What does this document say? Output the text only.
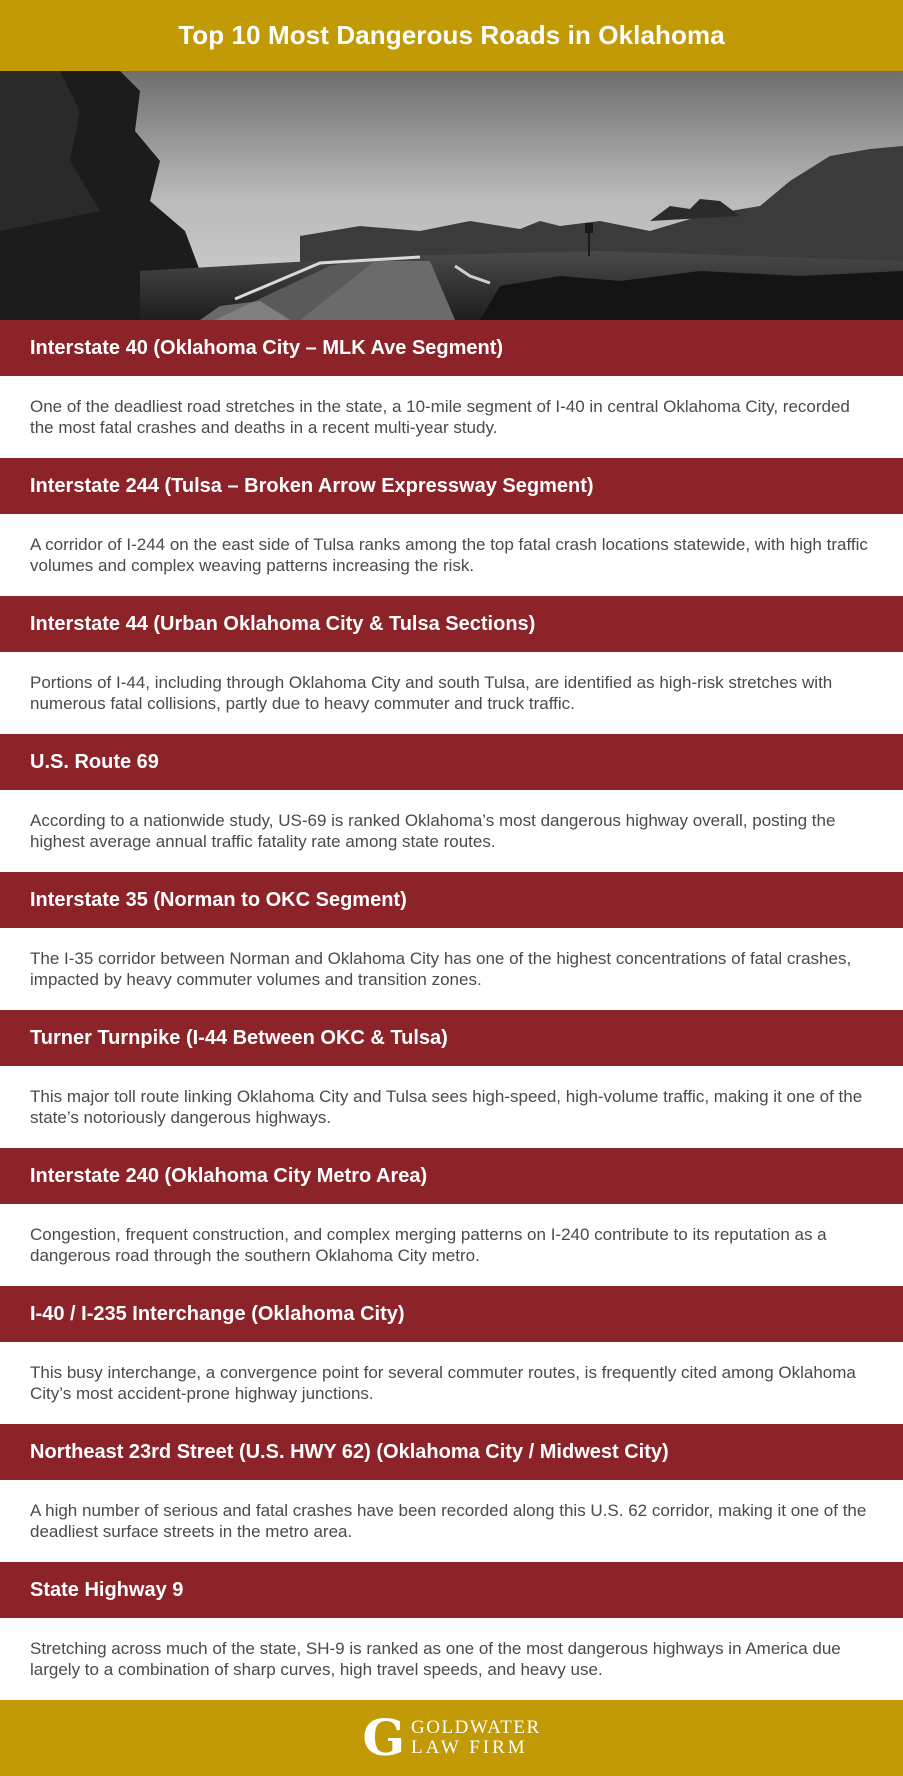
Top 10 Most Dangerous Roads in Oklahoma
Interstate 40 (Oklahoma City – MLK Ave Segment)
One of the deadliest road stretches in the state, a 10-mile segment of I-40 in central Oklahoma City, recorded the most fatal crashes and deaths in a recent multi-year study.
Interstate 244 (Tulsa – Broken Arrow Expressway Segment)
A corridor of I-244 on the east side of Tulsa ranks among the top fatal crash locations statewide, with high traffic volumes and complex weaving patterns increasing the risk.
Interstate 44 (Urban Oklahoma City & Tulsa Sections)
Portions of I-44, including through Oklahoma City and south Tulsa, are identified as high-risk stretches with numerous fatal collisions, partly due to heavy commuter and truck traffic.
U.S. Route 69
According to a nationwide study, US-69 is ranked Oklahoma’s most dangerous highway overall, posting the highest average annual traffic fatality rate among state routes.
Interstate 35 (Norman to OKC Segment)
The I-35 corridor between Norman and Oklahoma City has one of the highest concentrations of fatal crashes, impacted by heavy commuter volumes and transition zones.
Turner Turnpike (I-44 Between OKC & Tulsa)
This major toll route linking Oklahoma City and Tulsa sees high-speed, high-volume traffic, making it one of the state’s notoriously dangerous highways.
Interstate 240 (Oklahoma City Metro Area)
Congestion, frequent construction, and complex merging patterns on I-240 contribute to its reputation as a dangerous road through the southern Oklahoma City metro.
I-40 / I-235 Interchange (Oklahoma City)
This busy interchange, a convergence point for several commuter routes, is frequently cited among Oklahoma City’s most accident-prone highway junctions.
Northeast 23rd Street (U.S. HWY 62) (Oklahoma City / Midwest City)
A high number of serious and fatal crashes have been recorded along this U.S. 62 corridor, making it one of the deadliest surface streets in the metro area.
State Highway 9
Stretching across much of the state, SH-9 is ranked as one of the most dangerous highways in America due largely to a combination of sharp curves, high travel speeds, and heavy use.
G GOLDWATER
LAW FIRM
